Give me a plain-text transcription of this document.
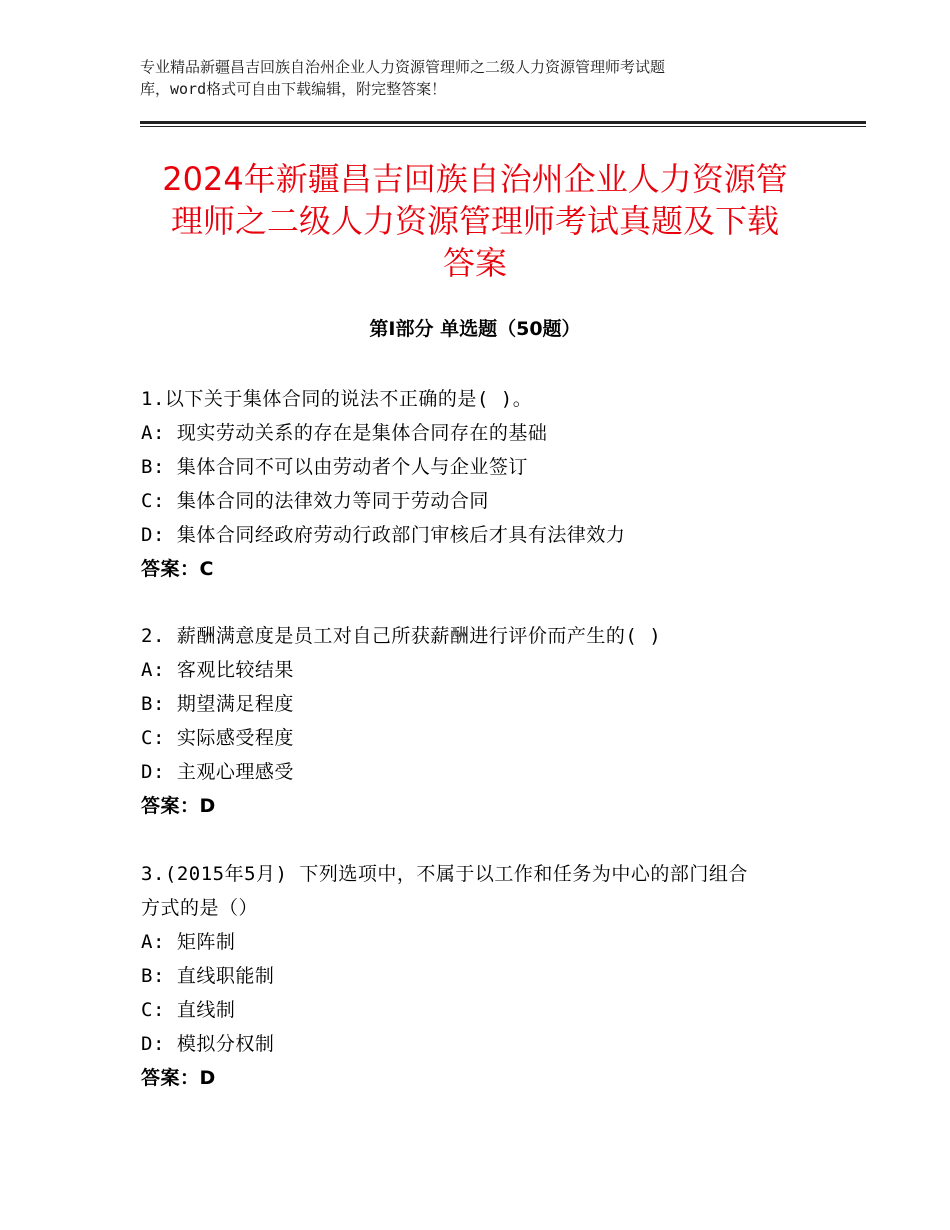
专业精品新疆昌吉回族自治州企业人力资源管理师之二级人力资源管理师考试题
库，word格式可自由下载编辑，附完整答案！
2024年新疆昌吉回族自治州企业人力资源管
理师之二级人力资源管理师考试真题及下载
答案
第Ⅰ部分 单选题（50题）
1.以下关于集体合同的说法不正确的是( )。
A: 现实劳动关系的存在是集体合同存在的基础
B: 集体合同不可以由劳动者个人与企业签订
C: 集体合同的法律效力等同于劳动合同
D: 集体合同经政府劳动行政部门审核后才具有法律效力
答案：C
2. 薪酬满意度是员工对自己所获薪酬进行评价而产生的( )
A: 客观比较结果
B: 期望满足程度
C: 实际感受程度
D: 主观心理感受
答案：D
3.(2015年5月) 下列选项中，不属于以工作和任务为中心的部门组合
方式的是（）
A: 矩阵制
B: 直线职能制
C: 直线制
D: 模拟分权制
答案：D
